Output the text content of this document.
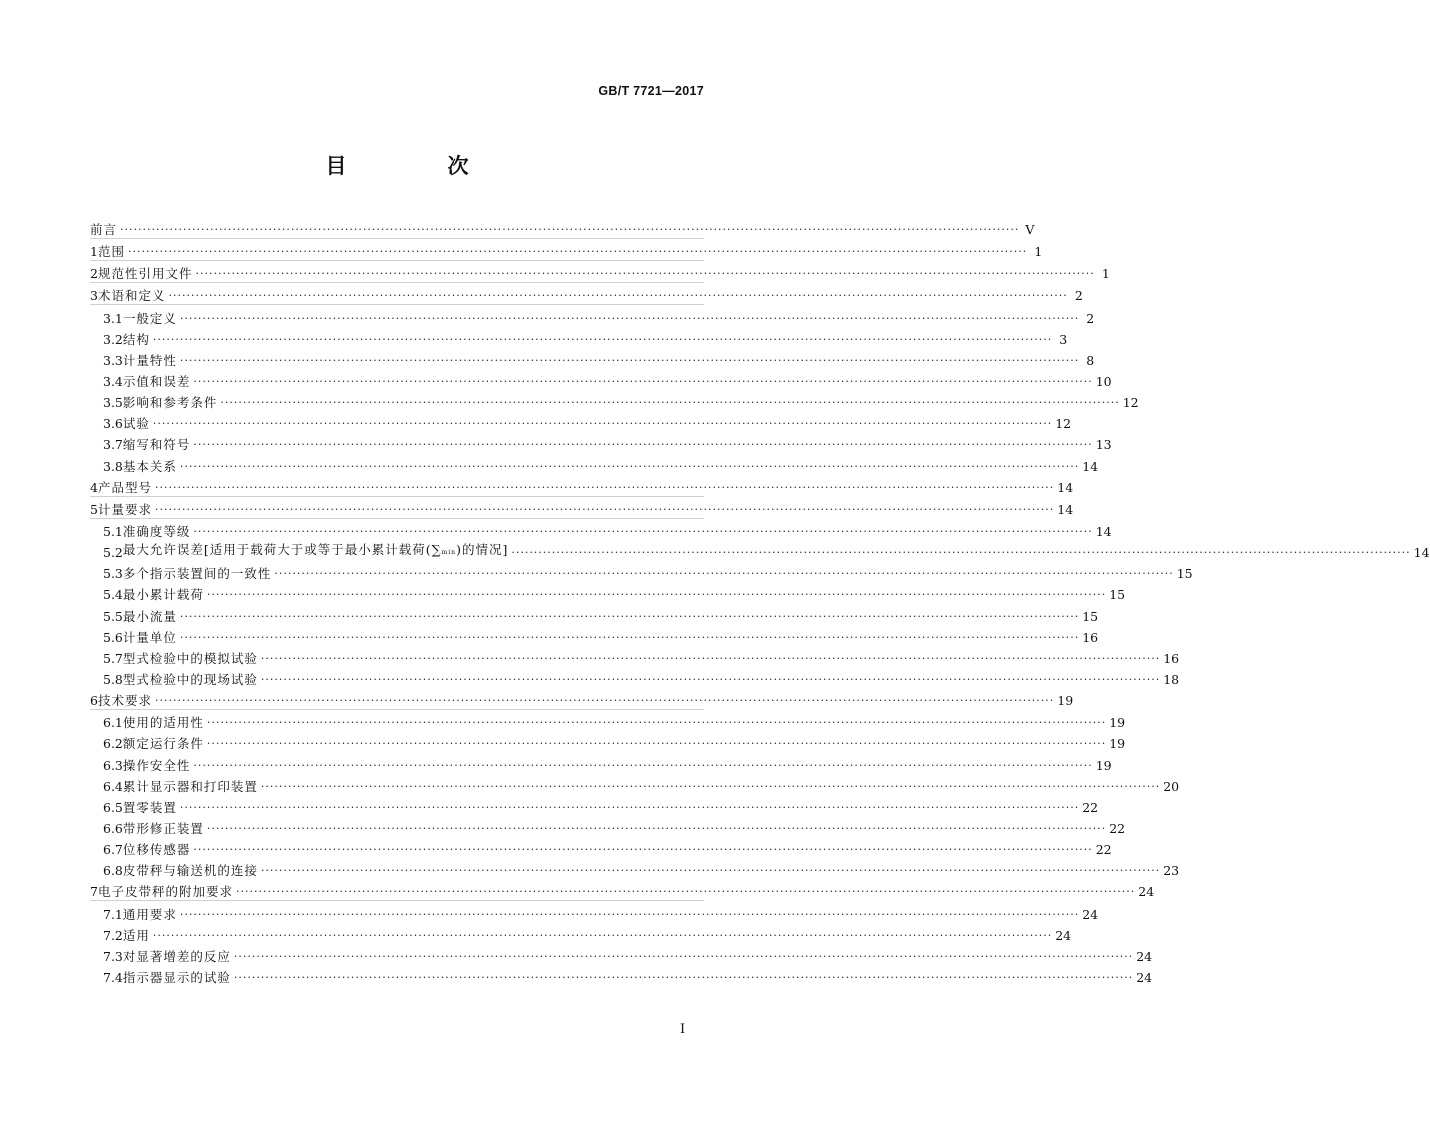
GB/T 7721—2017
目　次
前言 ········································································································································································································ Ⅴ
1 范围 ········································································································································································································ 1
2 规范性引用文件 ········································································································································································································ 1
3 术语和定义 ········································································································································································································ 2
3.1 一般定义 ········································································································································································································ 2
3.2 结构 ········································································································································································································ 3
3.3 计量特性 ········································································································································································································ 8
3.4 示值和误差 ········································································································································································································ 10
3.5 影响和参考条件 ········································································································································································································ 12
3.6 试验 ········································································································································································································ 12
3.7 缩写和符号 ········································································································································································································ 13
3.8 基本关系 ········································································································································································································ 14
4 产品型号 ········································································································································································································ 14
5 计量要求 ········································································································································································································ 14
5.1 准确度等级 ········································································································································································································ 14
5.2 最大允许误差[适用于载荷大于或等于最小累计载荷(∑min)的情况] ········································································································································································································ 14
5.3 多个指示装置间的一致性 ········································································································································································································ 15
5.4 最小累计载荷 ········································································································································································································ 15
5.5 最小流量 ········································································································································································································ 15
5.6 计量单位 ········································································································································································································ 16
5.7 型式检验中的模拟试验 ········································································································································································································ 16
5.8 型式检验中的现场试验 ········································································································································································································ 18
6 技术要求 ········································································································································································································ 19
6.1 使用的适用性 ········································································································································································································ 19
6.2 额定运行条件 ········································································································································································································ 19
6.3 操作安全性 ········································································································································································································ 19
6.4 累计显示器和打印装置 ········································································································································································································ 20
6.5 置零装置 ········································································································································································································ 22
6.6 带形修正装置 ········································································································································································································ 22
6.7 位移传感器 ········································································································································································································ 22
6.8 皮带秤与输送机的连接 ········································································································································································································ 23
7 电子皮带秤的附加要求 ········································································································································································································ 24
7.1 通用要求 ········································································································································································································ 24
7.2 适用 ········································································································································································································ 24
7.3 对显著增差的反应 ········································································································································································································ 24
7.4 指示器显示的试验 ········································································································································································································ 24
Ⅰ
